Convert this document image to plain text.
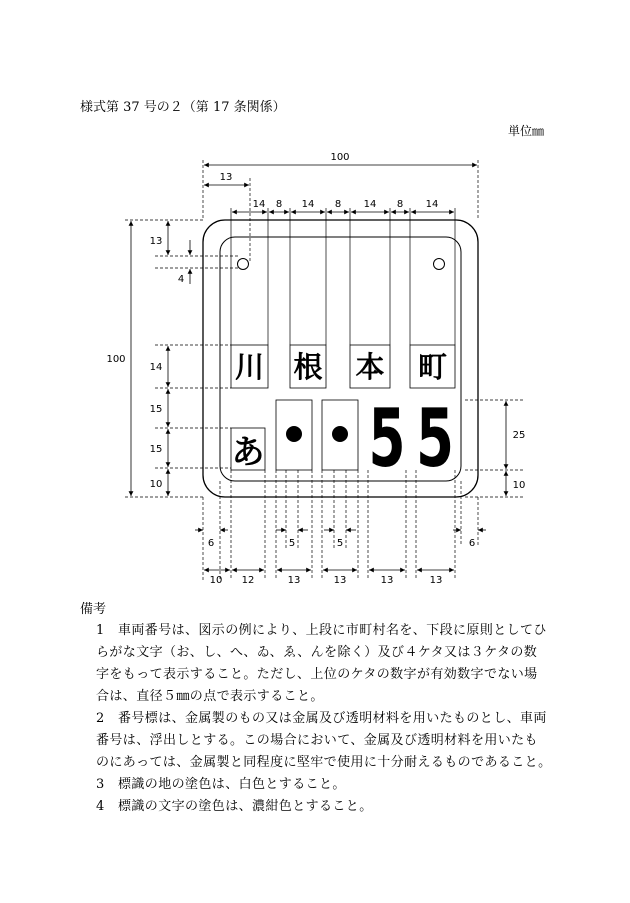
様式第 37 号の２（第 17 条関係）
単位㎜
100
13
14 8 14 8 14 8 14
100
13
4
14
15
15
10
25
10
6	5	5	6
10 12	13	13	13	13
川 根 本 町
あ 5 5
備考
1 車両番号は、図示の例により、上段に市町村名を、下段に原則としてひ
らがな文字（お、し、へ、ゐ、ゑ、んを除く）及び４ケタ又は３ケタの数
字をもって表示すること。ただし、上位のケタの数字が有効数字でない場
合は、直径５㎜の点で表示すること。
2 番号標は、金属製のもの又は金属及び透明材料を用いたものとし、車両
番号は、浮出しとする。この場合において、金属及び透明材料を用いたも
のにあっては、金属製と同程度に堅牢で使用に十分耐えるものであること。
3 標識の地の塗色は、白色とすること。
4 標識の文字の塗色は、濃紺色とすること。
